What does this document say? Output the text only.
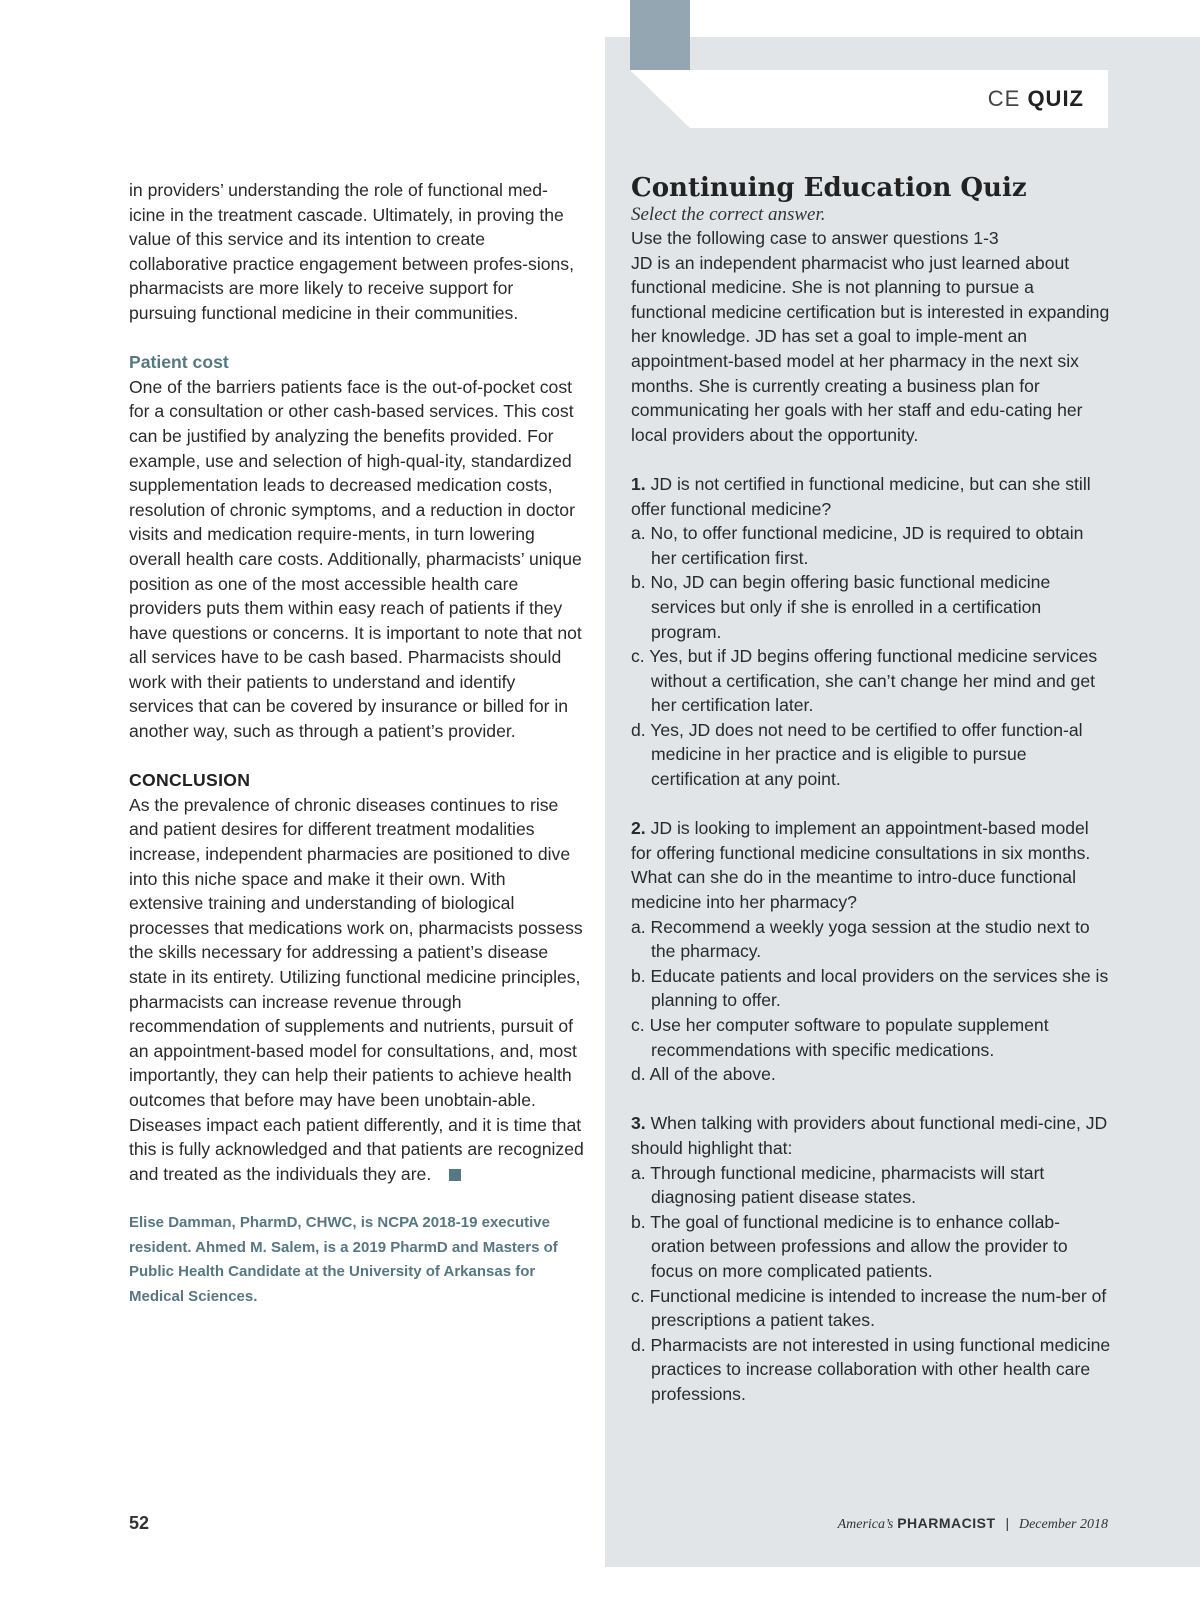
CE QUIZ

in providers’ understanding the role of functional med-icine in the treatment cascade. Ultimately, in proving the value of this service and its intention to create collaborative practice engagement between profes-sions, pharmacists are more likely to receive support for pursuing functional medicine in their communities.

Patient cost

One of the barriers patients face is the out-of-pocket cost for a consultation or other cash-based services. This cost can be justified by analyzing the benefits provided. For example, use and selection of high-qual-ity, standardized supplementation leads to decreased medication costs, resolution of chronic symptoms, and a reduction in doctor visits and medication require-ments, in turn lowering overall health care costs. Additionally, pharmacists’ unique position as one of the most accessible health care providers puts them within easy reach of patients if they have questions or concerns. It is important to note that not all services have to be cash based. Pharmacists should work with their patients to understand and identify services that can be covered by insurance or billed for in another way, such as through a patient’s provider.

CONCLUSION

As the prevalence of chronic diseases continues to rise and patient desires for different treatment modalities increase, independent pharmacies are positioned to dive into this niche space and make it their own. With extensive training and understanding of biological processes that medications work on, pharmacists possess the skills necessary for addressing a patient’s disease state in its entirety. Utilizing functional medicine principles, pharmacists can increase revenue through recommendation of supplements and nutrients, pursuit of an appointment-based model for consultations, and, most importantly, they can help their patients to achieve health outcomes that before may have been unobtain-able. Diseases impact each patient differently, and it is time that this is fully acknowledged and that patients are recognized and treated as the individuals they are.

Elise Damman, PharmD, CHWC, is NCPA 2018-19 executive resident. Ahmed M. Salem, is a 2019 PharmD and Masters of Public Health Candidate at the University of Arkansas for Medical Sciences.

Continuing Education Quiz

Select the correct answer.

Use the following case to answer questions 1-3

JD is an independent pharmacist who just learned about functional medicine. She is not planning to pursue a functional medicine certification but is interested in expanding her knowledge. JD has set a goal to imple-ment an appointment-based model at her pharmacy in the next six months. She is currently creating a business plan for communicating her goals with her staff and edu-cating her local providers about the opportunity.

1. JD is not certified in functional medicine, but can she still offer functional medicine?

a. No, to offer functional medicine, JD is required to obtain her certification first.

b. No, JD can begin offering basic functional medicine services but only if she is enrolled in a certification program.

c. Yes, but if JD begins offering functional medicine services without a certification, she can’t change her mind and get her certification later.

d. Yes, JD does not need to be certified to offer function-al medicine in her practice and is eligible to pursue certification at any point.

2. JD is looking to implement an appointment-based model for offering functional medicine consultations in six months. What can she do in the meantime to intro-duce functional medicine into her pharmacy?

a. Recommend a weekly yoga session at the studio next to the pharmacy.

b. Educate patients and local providers on the services she is planning to offer.

c. Use her computer software to populate supplement recommendations with specific medications.

d. All of the above.

3. When talking with providers about functional medi-cine, JD should highlight that:

a. Through functional medicine, pharmacists will start diagnosing patient disease states.

b. The goal of functional medicine is to enhance collab-oration between professions and allow the provider to focus on more complicated patients.

c. Functional medicine is intended to increase the num-ber of prescriptions a patient takes.

d. Pharmacists are not interested in using functional medicine practices to increase collaboration with other health care professions.

52	America’s PHARMACIST | December 2018
